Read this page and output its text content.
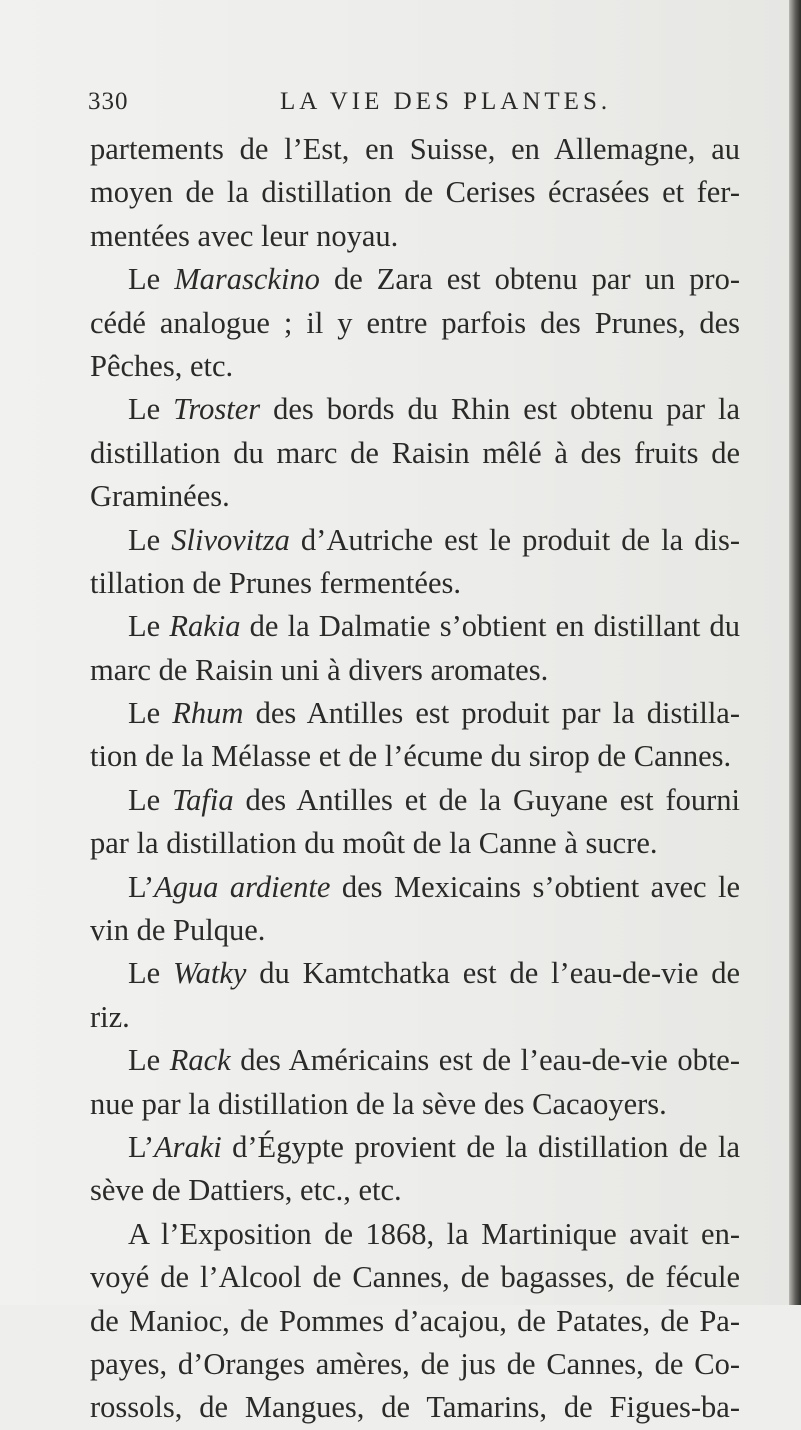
330	LA VIE DES PLANTES.
partements de l’Est, en Suisse, en Allemagne, au
moyen de la distillation de Cerises écrasées et fer-
mentées avec leur noyau.
Le Marasckino de Zara est obtenu par un pro-
cédé analogue ; il y entre parfois des Prunes, des
Pêches, etc.
Le Troster des bords du Rhin est obtenu par la
distillation du marc de Raisin mêlé à des fruits de
Graminées.
Le Slivovitza d’Autriche est le produit de la dis-
tillation de Prunes fermentées.
Le Rakia de la Dalmatie s’obtient en distillant du
marc de Raisin uni à divers aromates.
Le Rhum des Antilles est produit par la distilla-
tion de la Mélasse et de l’écume du sirop de Cannes.
Le Tafia des Antilles et de la Guyane est fourni
par la distillation du moût de la Canne à sucre.
L’Agua ardiente des Mexicains s’obtient avec le
vin de Pulque.
Le Watky du Kamtchatka est de l’eau-de-vie de
riz.
Le Rack des Américains est de l’eau-de-vie obte-
nue par la distillation de la sève des Cacaoyers.
L’Araki d’Égypte provient de la distillation de la
sève de Dattiers, etc., etc.
A l’Exposition de 1868, la Martinique avait en-
voyé de l’Alcool de Cannes, de bagasses, de fécule
de Manioc, de Pommes d’acajou, de Patates, de Pa-
payes, d’Oranges amères, de jus de Cannes, de Co-
rossols, de Mangues, de Tamarins, de Figues-ba-
